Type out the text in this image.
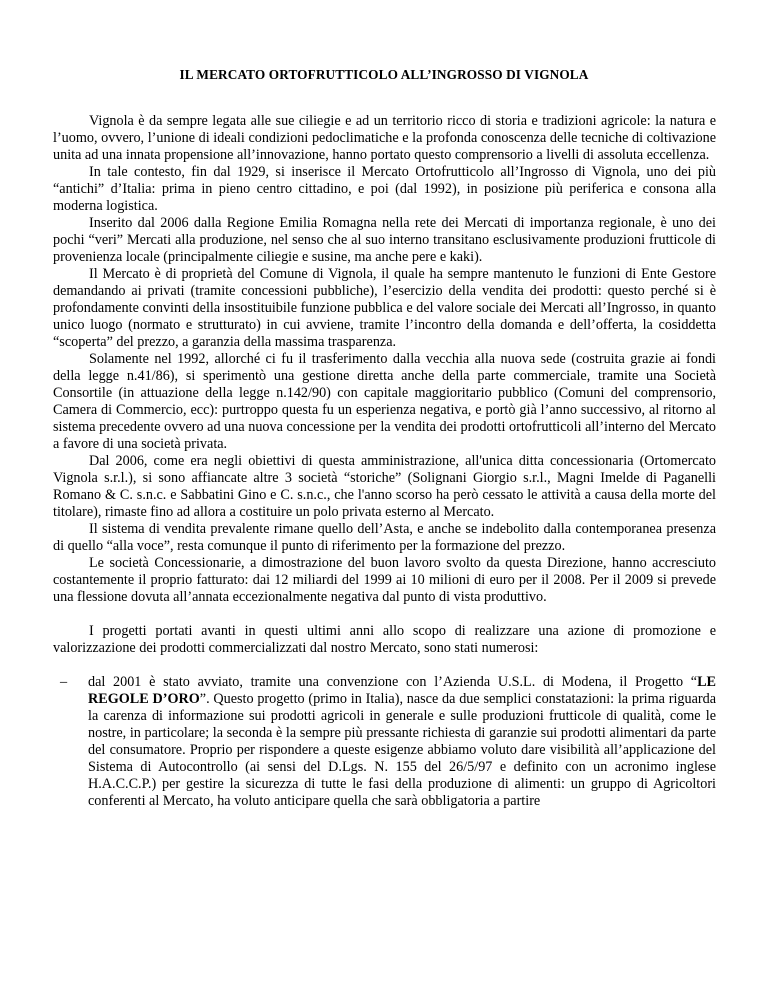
IL MERCATO ORTOFRUTTICOLO ALL’INGROSSO DI VIGNOLA

Vignola è da sempre legata alle sue ciliegie e ad un territorio ricco di storia e tradizioni agricole: la natura e l’uomo, ovvero, l’unione di ideali condizioni pedoclimatiche e la profonda conoscenza delle tecniche di coltivazione unita ad una innata propensione all’innovazione, hanno portato questo comprensorio a livelli di assoluta eccellenza.

In tale contesto, fin dal 1929, si inserisce il Mercato Ortofrutticolo all’Ingrosso di Vignola, uno dei più “antichi” d’Italia: prima in pieno centro cittadino, e poi (dal 1992), in posizione più periferica e consona alla moderna logistica.

Inserito dal 2006 dalla Regione Emilia Romagna nella rete dei Mercati di importanza regionale, è uno dei pochi “veri” Mercati alla produzione, nel senso che al suo interno transitano esclusivamente produzioni frutticole di provenienza locale (principalmente ciliegie e susine, ma anche pere e kaki).

Il Mercato è di proprietà del Comune di Vignola, il quale ha sempre mantenuto le funzioni di Ente Gestore demandando ai privati (tramite concessioni pubbliche), l’esercizio della vendita dei prodotti: questo perché si è profondamente convinti della insostituibile funzione pubblica e del valore sociale dei Mercati all’Ingrosso, in quanto unico luogo (normato e strutturato) in cui avviene, tramite l’incontro della domanda e dell’offerta, la cosiddetta “scoperta” del prezzo, a garanzia della massima trasparenza.

Solamente nel 1992, allorché ci fu il trasferimento dalla vecchia alla nuova sede (costruita grazie ai fondi della legge n.41/86), si sperimentò una gestione diretta anche della parte commerciale, tramite una Società Consortile (in attuazione della legge n.142/90) con capitale maggioritario pubblico (Comuni del comprensorio, Camera di Commercio, ecc): purtroppo questa fu un esperienza negativa, e portò già l’anno successivo, al ritorno al sistema precedente ovvero ad una nuova concessione per la vendita dei prodotti ortofrutticoli all’interno del Mercato a favore di una società privata.

Dal 2006, come era negli obiettivi di questa amministrazione, all'unica ditta concessionaria (Ortomercato Vignola s.r.l.), si sono affiancate altre 3 società “storiche” (Solignani Giorgio s.r.l., Magni Imelde di Paganelli Romano & C. s.n.c. e Sabbatini Gino e C. s.n.c., che l'anno scorso ha però cessato le attività a causa della morte del titolare), rimaste fino ad allora a costituire un polo privata esterno al Mercato.

Il sistema di vendita prevalente rimane quello dell’Asta, e anche se indebolito dalla contemporanea presenza di quello “alla voce”, resta comunque il punto di riferimento per la formazione del prezzo.

Le società Concessionarie, a dimostrazione del buon lavoro svolto da questa Direzione, hanno accresciuto costantemente il proprio fatturato: dai 12 miliardi del 1999 ai 10 milioni di euro per il 2008. Per il 2009 si prevede una flessione dovuta all’annata eccezionalmente negativa dal punto di vista produttivo.

I progetti portati avanti in questi ultimi anni allo scopo di realizzare una azione di promozione e valorizzazione dei prodotti commercializzati dal nostro Mercato, sono stati numerosi:

– dal 2001 è stato avviato, tramite una convenzione con l’Azienda U.S.L. di Modena, il Progetto “LE REGOLE D’ORO”. Questo progetto (primo in Italia), nasce da due semplici constatazioni: la prima riguarda la carenza di informazione sui prodotti agricoli in generale e sulle produzioni frutticole di qualità, come le nostre, in particolare; la seconda è la sempre più pressante richiesta di garanzie sui prodotti alimentari da parte del consumatore. Proprio per rispondere a queste esigenze abbiamo voluto dare visibilità all’applicazione del Sistema di Autocontrollo (ai sensi del D.Lgs. N. 155 del 26/5/97 e definito con un acronimo inglese H.A.C.C.P.) per gestire la sicurezza di tutte le fasi della produzione di alimenti: un gruppo di Agricoltori conferenti al Mercato, ha voluto anticipare quella che sarà obbligatoria a partire
